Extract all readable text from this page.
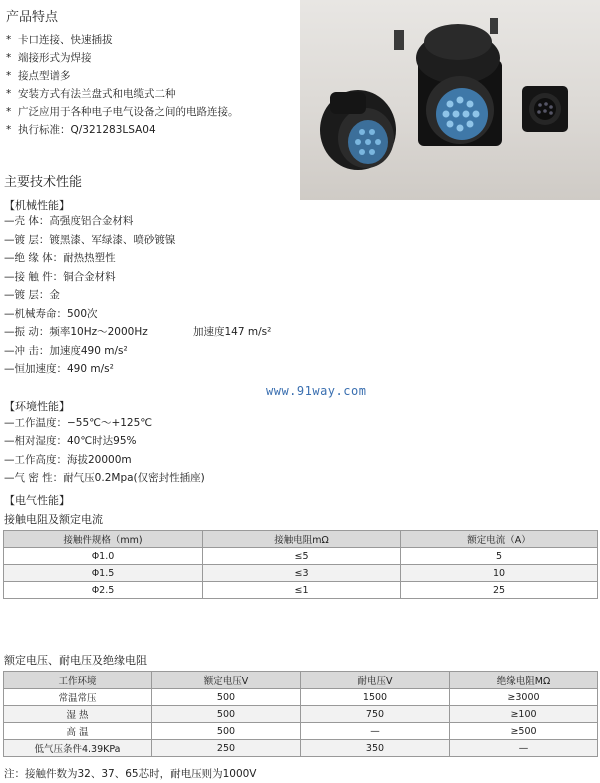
产品特点
* 卡口连接、快速插拔
* 端接形式为焊接
* 接点型谱多
* 安装方式有法兰盘式和电缆式二种
* 广泛应用于各种电子电气设备之间的电路连接。
* 执行标准：Q/321283LSA04
主要技术性能
【机械性能】
—壳 体：高强度铝合金材料
—镀 层：镀黑漆、军绿漆、喷砂镀镍
—绝 缘 体：耐热热塑性
—接 触 件：铜合金材料
—镀 层：金
—机械寿命：500次
—振 动：频率10Hz～2000Hz	加速度147 m/s²
—冲 击：加速度490 m/s²
—恒加速度：490 m/s²
www.91way.com
【环境性能】
—工作温度：−55℃～+125℃
—相对湿度：40℃时达95%
—工作高度：海拔20000m
—气 密 性：耐气压0.2Mpa(仅密封性插座)
【电气性能】
接触电阻及额定电流
接触件规格（mm)	接触电阻mΩ	额定电流（A）
Φ1.0	≤5	5
Φ1.5	≤3	10
Φ2.5	≤1	25
额定电压、耐电压及绝缘电阻
工作环境	额定电压V	耐电压V	绝缘电阻MΩ
常温常压	500	1500	≥3000
湿 热	500	750	≥100
高 温	500	—	≥500
低气压条件4.39KPa	250	350	—
注：接触件数为32、37、65芯时，耐电压则为1000V
